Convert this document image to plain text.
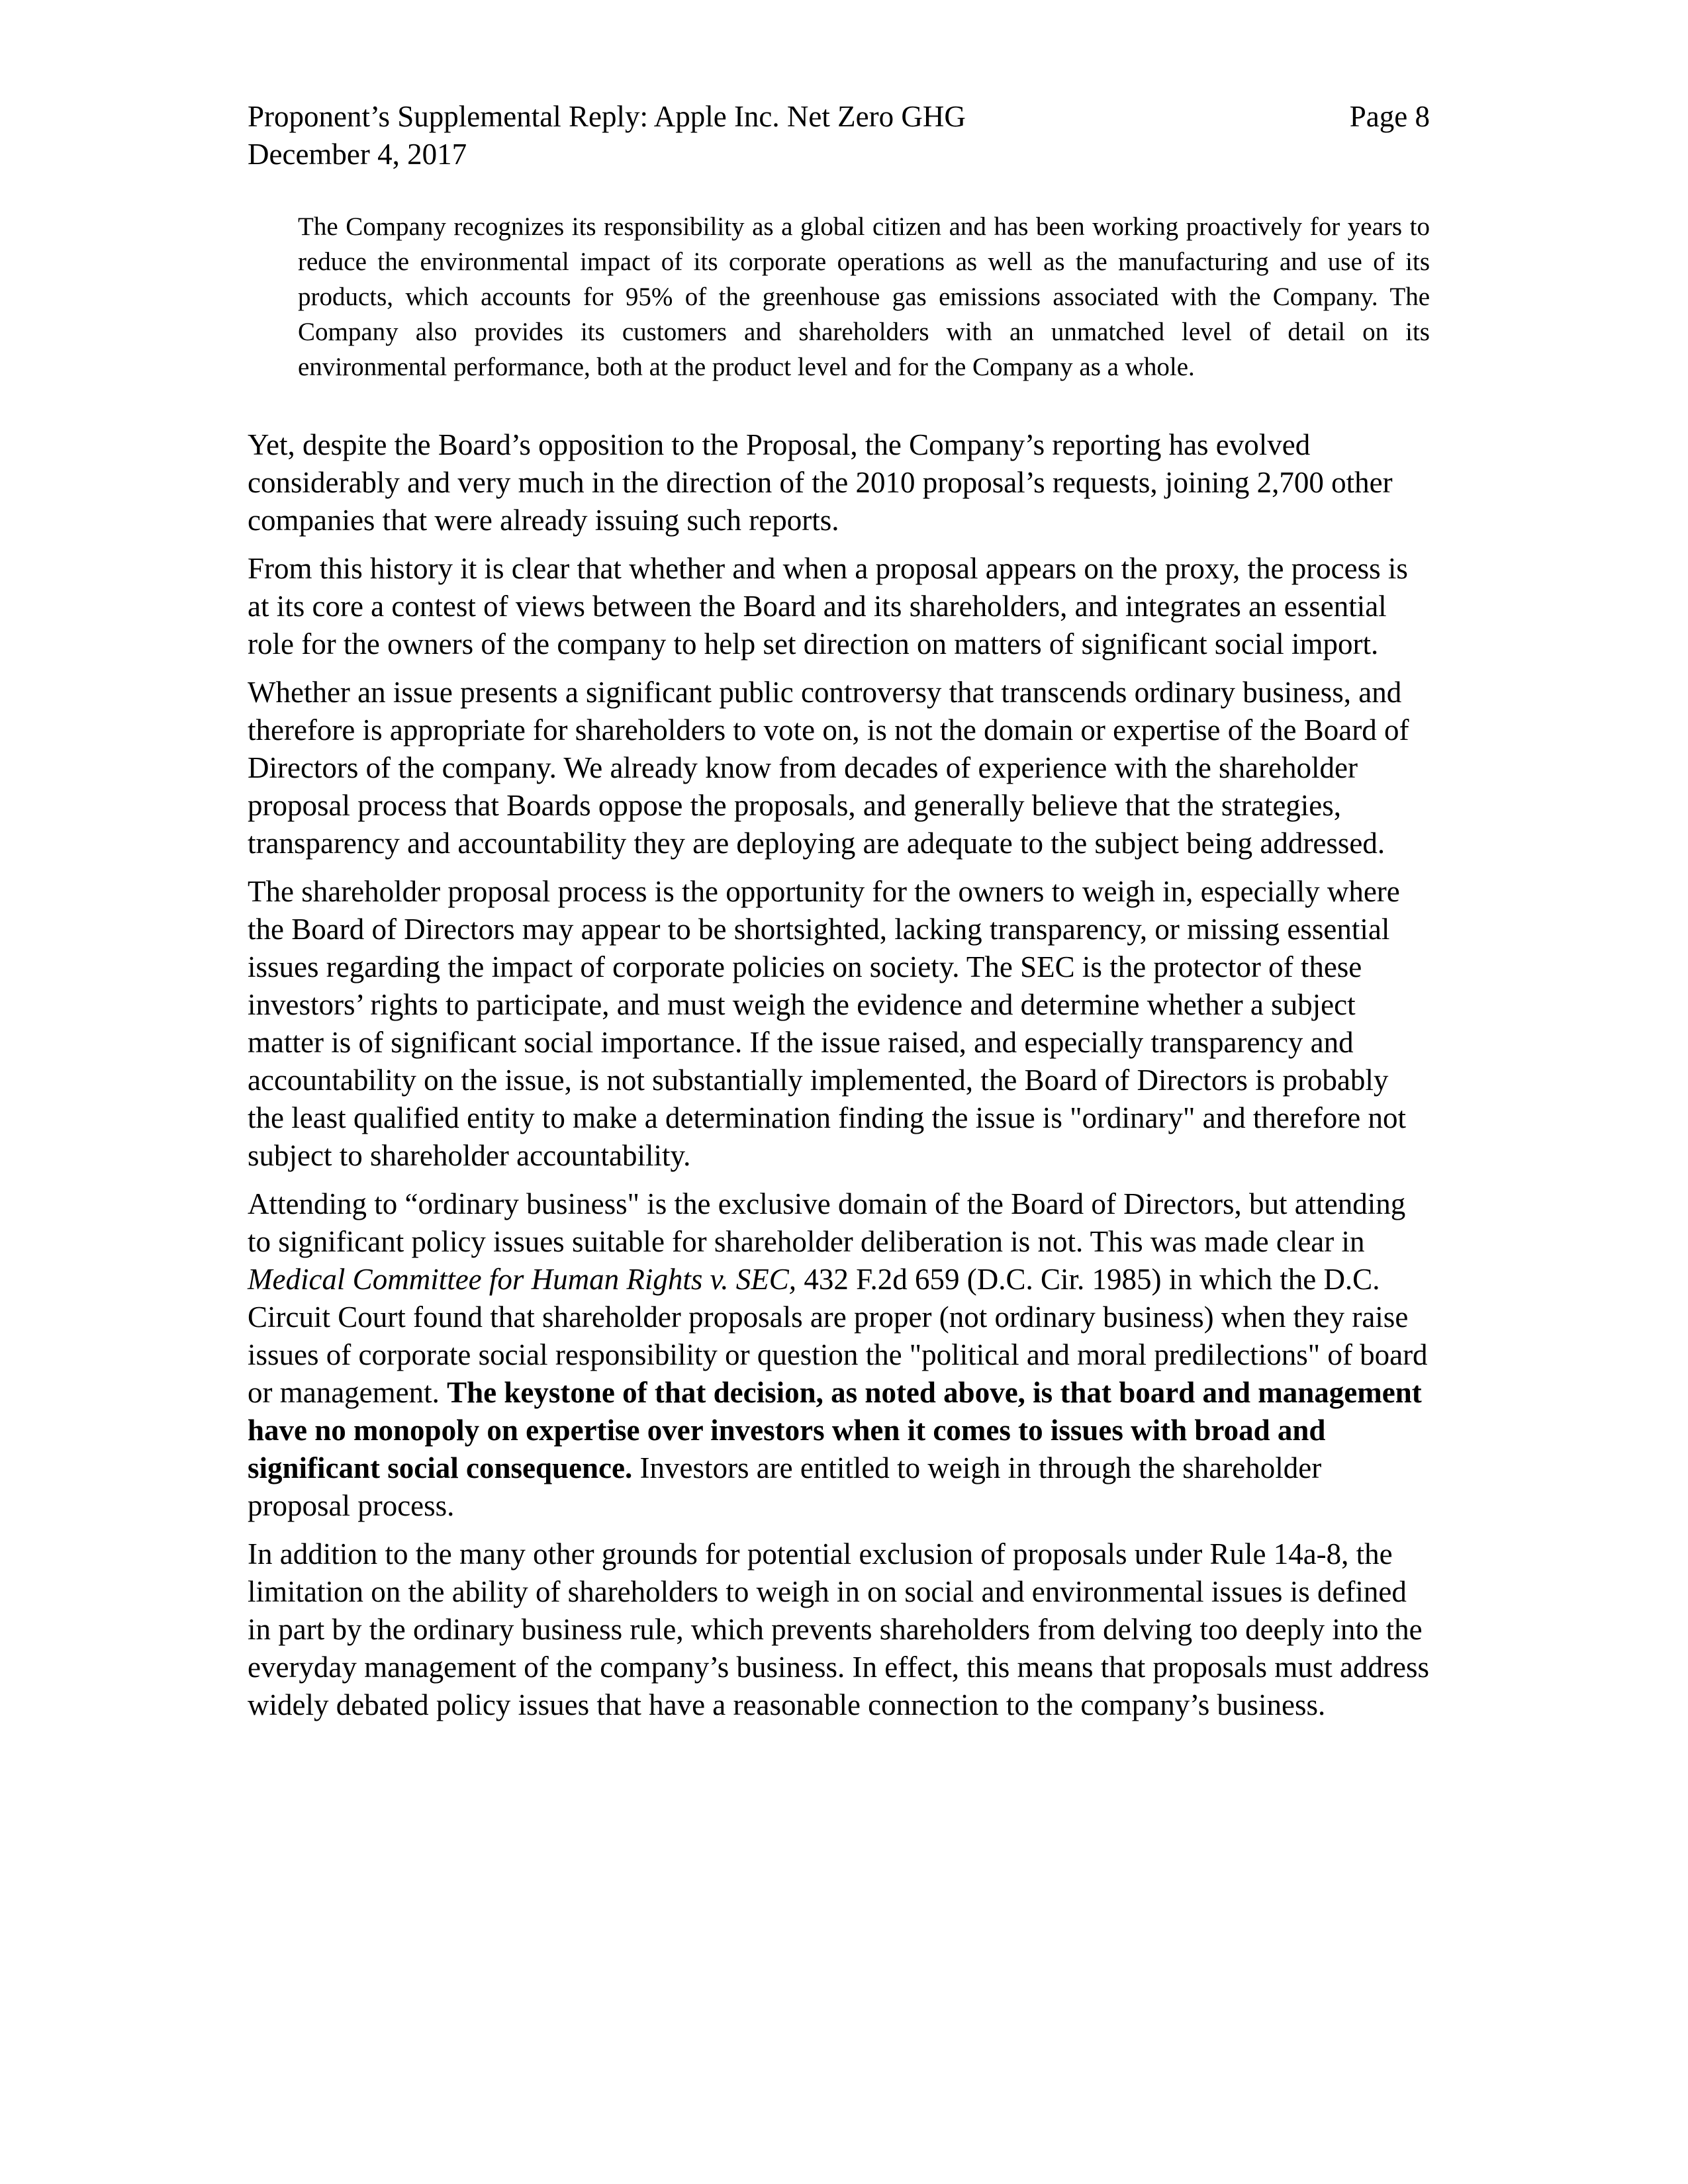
Proponent’s Supplemental Reply: Apple Inc. Net Zero GHG	Page 8
December 4, 2017

The Company recognizes its responsibility as a global citizen and has been working proactively for years to reduce the environmental impact of its corporate operations as well as the manufacturing and use of its products, which accounts for 95% of the greenhouse gas emissions associated with the Company. The Company also provides its customers and shareholders with an unmatched level of detail on its environmental performance, both at the product level and for the Company as a whole.

Yet, despite the Board’s opposition to the Proposal, the Company’s reporting has evolved considerably and very much in the direction of the 2010 proposal’s requests, joining 2,700 other companies that were already issuing such reports.

From this history it is clear that whether and when a proposal appears on the proxy, the process is at its core a contest of views between the Board and its shareholders, and integrates an essential role for the owners of the company to help set direction on matters of significant social import.

Whether an issue presents a significant public controversy that transcends ordinary business, and therefore is appropriate for shareholders to vote on, is not the domain or expertise of the Board of Directors of the company. We already know from decades of experience with the shareholder proposal process that Boards oppose the proposals, and generally believe that the strategies, transparency and accountability they are deploying are adequate to the subject being addressed.

The shareholder proposal process is the opportunity for the owners to weigh in, especially where the Board of Directors may appear to be shortsighted, lacking transparency, or missing essential issues regarding the impact of corporate policies on society. The SEC is the protector of these investors’ rights to participate, and must weigh the evidence and determine whether a subject matter is of significant social importance. If the issue raised, and especially transparency and accountability on the issue, is not substantially implemented, the Board of Directors is probably the least qualified entity to make a determination finding the issue is "ordinary" and therefore not subject to shareholder accountability.

Attending to “ordinary business" is the exclusive domain of the Board of Directors, but attending to significant policy issues suitable for shareholder deliberation is not. This was made clear in Medical Committee for Human Rights v. SEC, 432 F.2d 659 (D.C. Cir. 1985) in which the D.C. Circuit Court found that shareholder proposals are proper (not ordinary business) when they raise issues of corporate social responsibility or question the "political and moral predilections" of board or management. The keystone of that decision, as noted above, is that board and management have no monopoly on expertise over investors when it comes to issues with broad and significant social consequence. Investors are entitled to weigh in through the shareholder proposal process.

In addition to the many other grounds for potential exclusion of proposals under Rule 14a-8, the limitation on the ability of shareholders to weigh in on social and environmental issues is defined in part by the ordinary business rule, which prevents shareholders from delving too deeply into the everyday management of the company’s business. In effect, this means that proposals must address widely debated policy issues that have a reasonable connection to the company’s business.
